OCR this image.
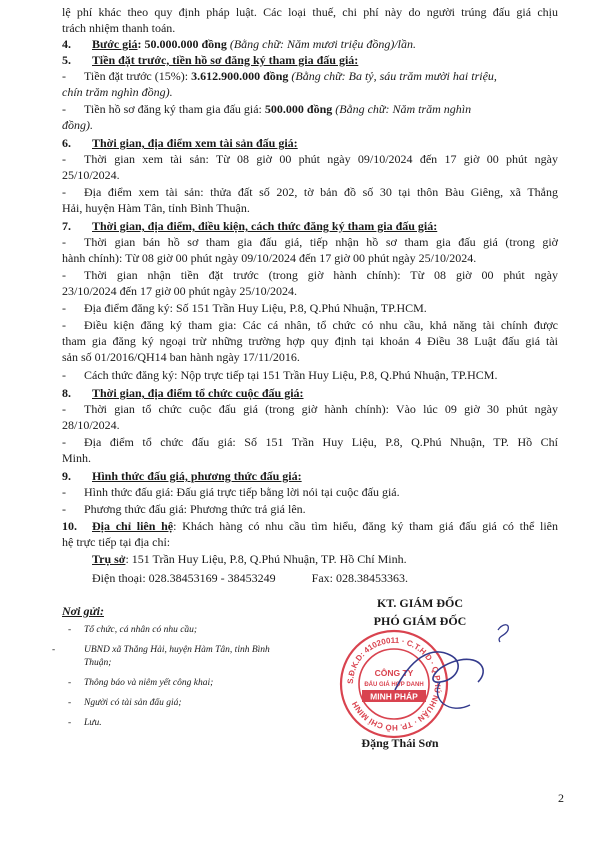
lệ phí khác theo quy định pháp luật. Các loại thuế, chi phí này do người trúng đấu giá chịu
trách nhiệm thanh toán.
4. Bước giá: 50.000.000 đồng (Bằng chữ: Năm mươi triệu đồng)/lần.
5. Tiền đặt trước, tiền hồ sơ đăng ký tham gia đấu giá:
- Tiền đặt trước (15%): 3.612.900.000 đồng (Bằng chữ: Ba tỷ, sáu trăm mười hai triệu,
chín trăm nghìn đồng).
- Tiền hồ sơ đăng ký tham gia đấu giá: 500.000 đồng (Bằng chữ: Năm trăm nghìn
đồng).
6. Thời gian, địa điểm xem tài sản đấu giá:
- Thời gian xem tài sản: Từ 08 giờ 00 phút ngày 09/10/2024 đến 17 giờ 00 phút ngày
25/10/2024.
- Địa điểm xem tài sản: thửa đất số 202, tờ bản đồ số 30 tại thôn Bàu Giêng, xã Thắng
Hải, huyện Hàm Tân, tỉnh Bình Thuận.
7. Thời gian, địa điểm, điều kiện, cách thức đăng ký tham gia đấu giá:
- Thời gian bán hồ sơ tham gia đấu giá, tiếp nhận hồ sơ tham gia đấu giá (trong giờ
hành chính): Từ 08 giờ 00 phút ngày 09/10/2024 đến 17 giờ 00 phút ngày 25/10/2024.
- Thời gian nhận tiền đặt trước (trong giờ hành chính): Từ 08 giờ 00 phút ngày
23/10/2024 đến 17 giờ 00 phút ngày 25/10/2024.
- Địa điểm đăng ký: Số 151 Trần Huy Liệu, P.8, Q.Phú Nhuận, TP.HCM.
- Điều kiện đăng ký tham gia: Các cá nhân, tổ chức có nhu cầu, khả năng tài chính được
tham gia đăng ký ngoại trừ những trường hợp quy định tại khoản 4 Điều 38 Luật đấu giá tài
sản số 01/2016/QH14 ban hành ngày 17/11/2016.
- Cách thức đăng ký: Nộp trực tiếp tại 151 Trần Huy Liệu, P.8, Q.Phú Nhuận, TP.HCM.
8. Thời gian, địa điểm tổ chức cuộc đấu giá:
- Thời gian tổ chức cuộc đấu giá (trong giờ hành chính): Vào lúc 09 giờ 30 phút ngày
28/10/2024.
- Địa điểm tổ chức đấu giá: Số 151 Trần Huy Liệu, P.8, Q.Phú Nhuận, TP. Hồ Chí
Minh.
9. Hình thức đấu giá, phương thức đấu giá:
- Hình thức đấu giá: Đấu giá trực tiếp bằng lời nói tại cuộc đấu giá.
- Phương thức đấu giá: Phương thức trả giá lên.
10. Địa chỉ liên hệ: Khách hàng có nhu cầu tìm hiểu, đăng ký tham giá đấu giá có thể liên
hệ trực tiếp tại địa chỉ:
Trụ sở: 151 Trần Huy Liệu, P.8, Q.Phú Nhuận, TP. Hồ Chí Minh.
Điện thoại: 028.38453169 - 38453249	Fax: 028.38453363.
Nơi gửi:
- Tổ chức, cá nhân có nhu cầu;
-	UBND xã Thắng Hải, huyện Hàm Tân, tỉnh Bình Thuận;
- Thông báo và niêm yết công khai;
- Người có tài sản đấu giá;
- Lưu.
KT. GIÁM ĐỐC
PHÓ GIÁM ĐỐC
S.Đ.K.D: 41020011 · C.T.H.D · Q.PHÚ NHUẬN · TP. HỒ CHÍ MINH
CÔNG TY
ĐẤU GIÁ HỢP DANH
MINH PHÁP
Đặng Thái Sơn
2
